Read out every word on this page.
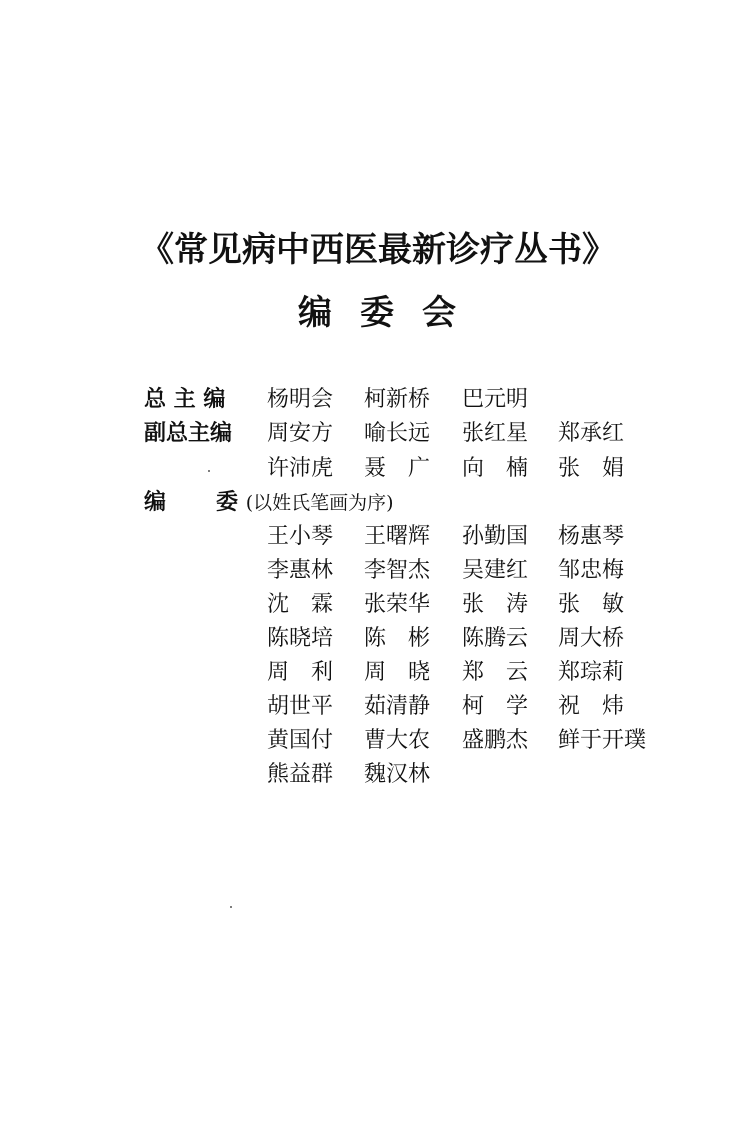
《常见病中西医最新诊疗丛书》
编委会
总 主 编 杨明会 柯新桥 巴元明
副总主编 周安方 喻长远 张红星 郑承红
许沛虎 聂　广 向　楠 张　娟
编 委 (以姓氏笔画为序)
王小琴 王曙辉 孙勤国 杨惠琴
李惠林 李智杰 吴建红 邹忠梅
沈　霖 张荣华 张　涛 张　敏
陈晓培 陈　彬 陈腾云 周大桥
周　利 周　晓 郑　云 郑琮莉
胡世平 茹清静 柯　学 祝　炜
黄国付 曹大农 盛鹏杰 鲜于开璞
熊益群 魏汉林
